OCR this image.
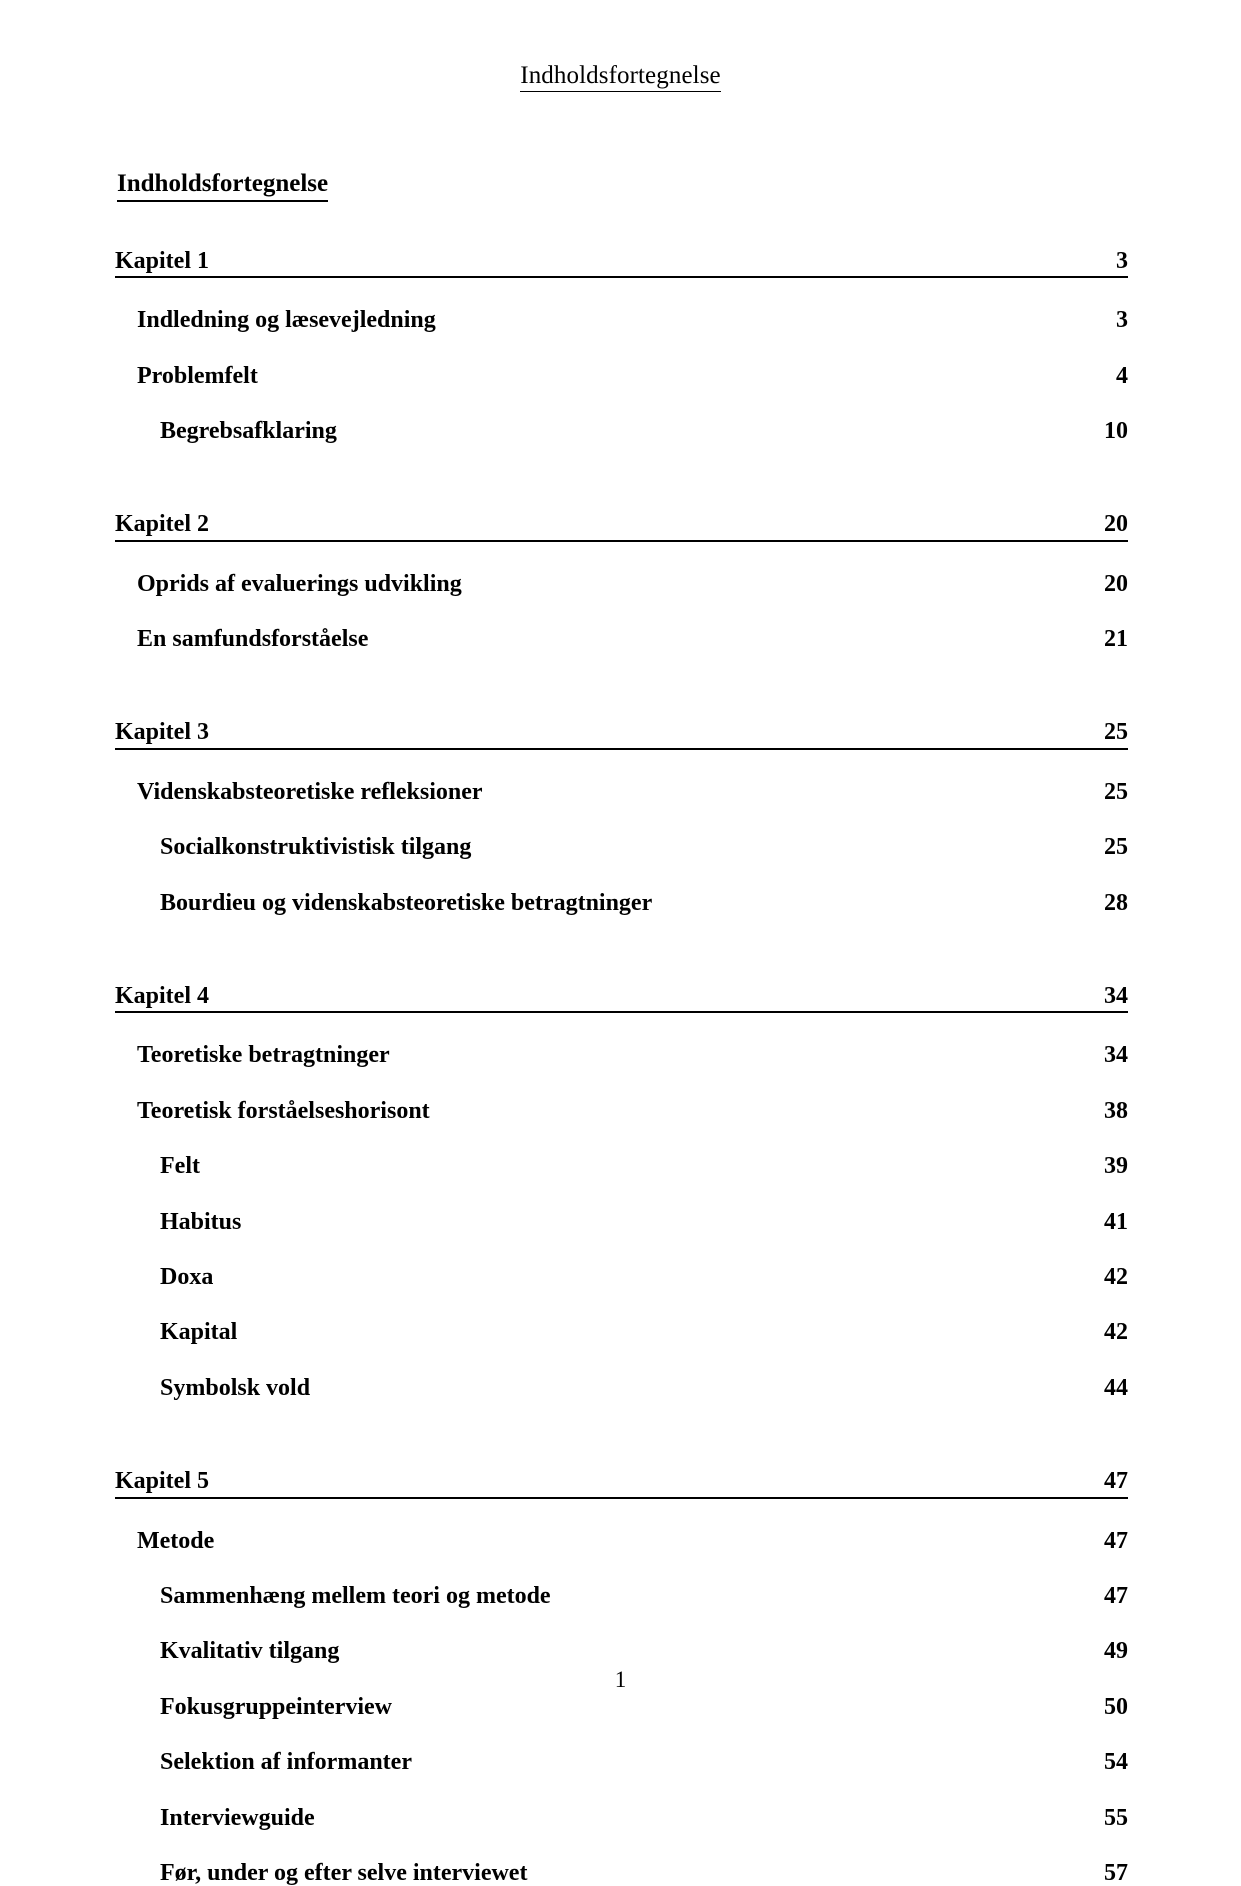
Indholdsfortegnelse
Indholdsfortegnelse
Kapitel 1	3
Indledning og læsevejledning	3
Problemfelt	4
Begrebsafklaring	10
Kapitel 2	20
Oprids af evaluerings udvikling	20
En samfundsforståelse	21
Kapitel 3	25
Videnskabsteoretiske refleksioner	25
Socialkonstruktivistisk tilgang	25
Bourdieu og videnskabsteoretiske betragtninger	28
Kapitel 4	34
Teoretiske betragtninger	34
Teoretisk forståelseshorisont	38
Felt	39
Habitus	41
Doxa	42
Kapital	42
Symbolsk vold	44
Kapitel 5	47
Metode	47
Sammenhæng mellem teori og metode	47
Kvalitativ tilgang	49
Fokusgruppeinterview	50
Selektion af informanter	54
Interviewguide	55
Før, under og efter selve interviewet	57
1
